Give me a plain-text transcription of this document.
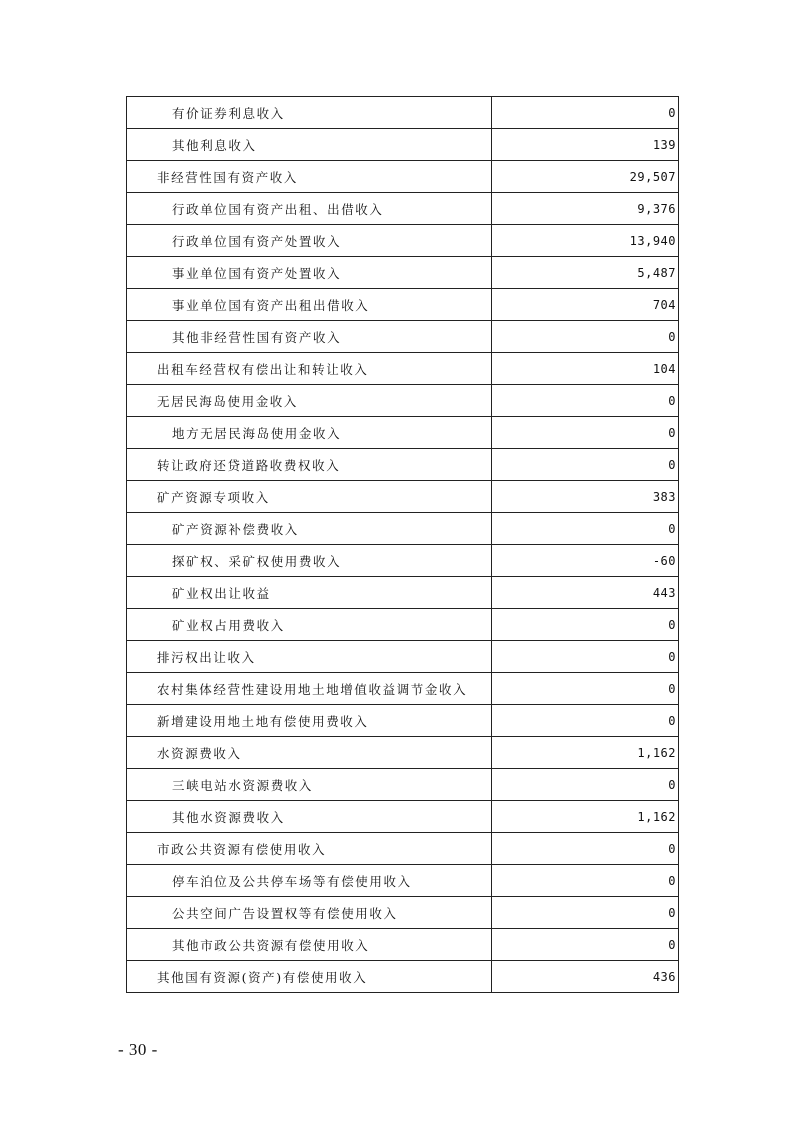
有价证券利息收入	0
其他利息收入	139
非经营性国有资产收入	29,507
行政单位国有资产出租、出借收入	9,376
行政单位国有资产处置收入	13,940
事业单位国有资产处置收入	5,487
事业单位国有资产出租出借收入	704
其他非经营性国有资产收入	0
出租车经营权有偿出让和转让收入	104
无居民海岛使用金收入	0
地方无居民海岛使用金收入	0
转让政府还贷道路收费权收入	0
矿产资源专项收入	383
矿产资源补偿费收入	0
探矿权、采矿权使用费收入	-60
矿业权出让收益	443
矿业权占用费收入	0
排污权出让收入	0
农村集体经营性建设用地土地增值收益调节金收入	0
新增建设用地土地有偿使用费收入	0
水资源费收入	1,162
三峡电站水资源费收入	0
其他水资源费收入	1,162
市政公共资源有偿使用收入	0
停车泊位及公共停车场等有偿使用收入	0
公共空间广告设置权等有偿使用收入	0
其他市政公共资源有偿使用收入	0
其他国有资源(资产)有偿使用收入	436
- 30 -
